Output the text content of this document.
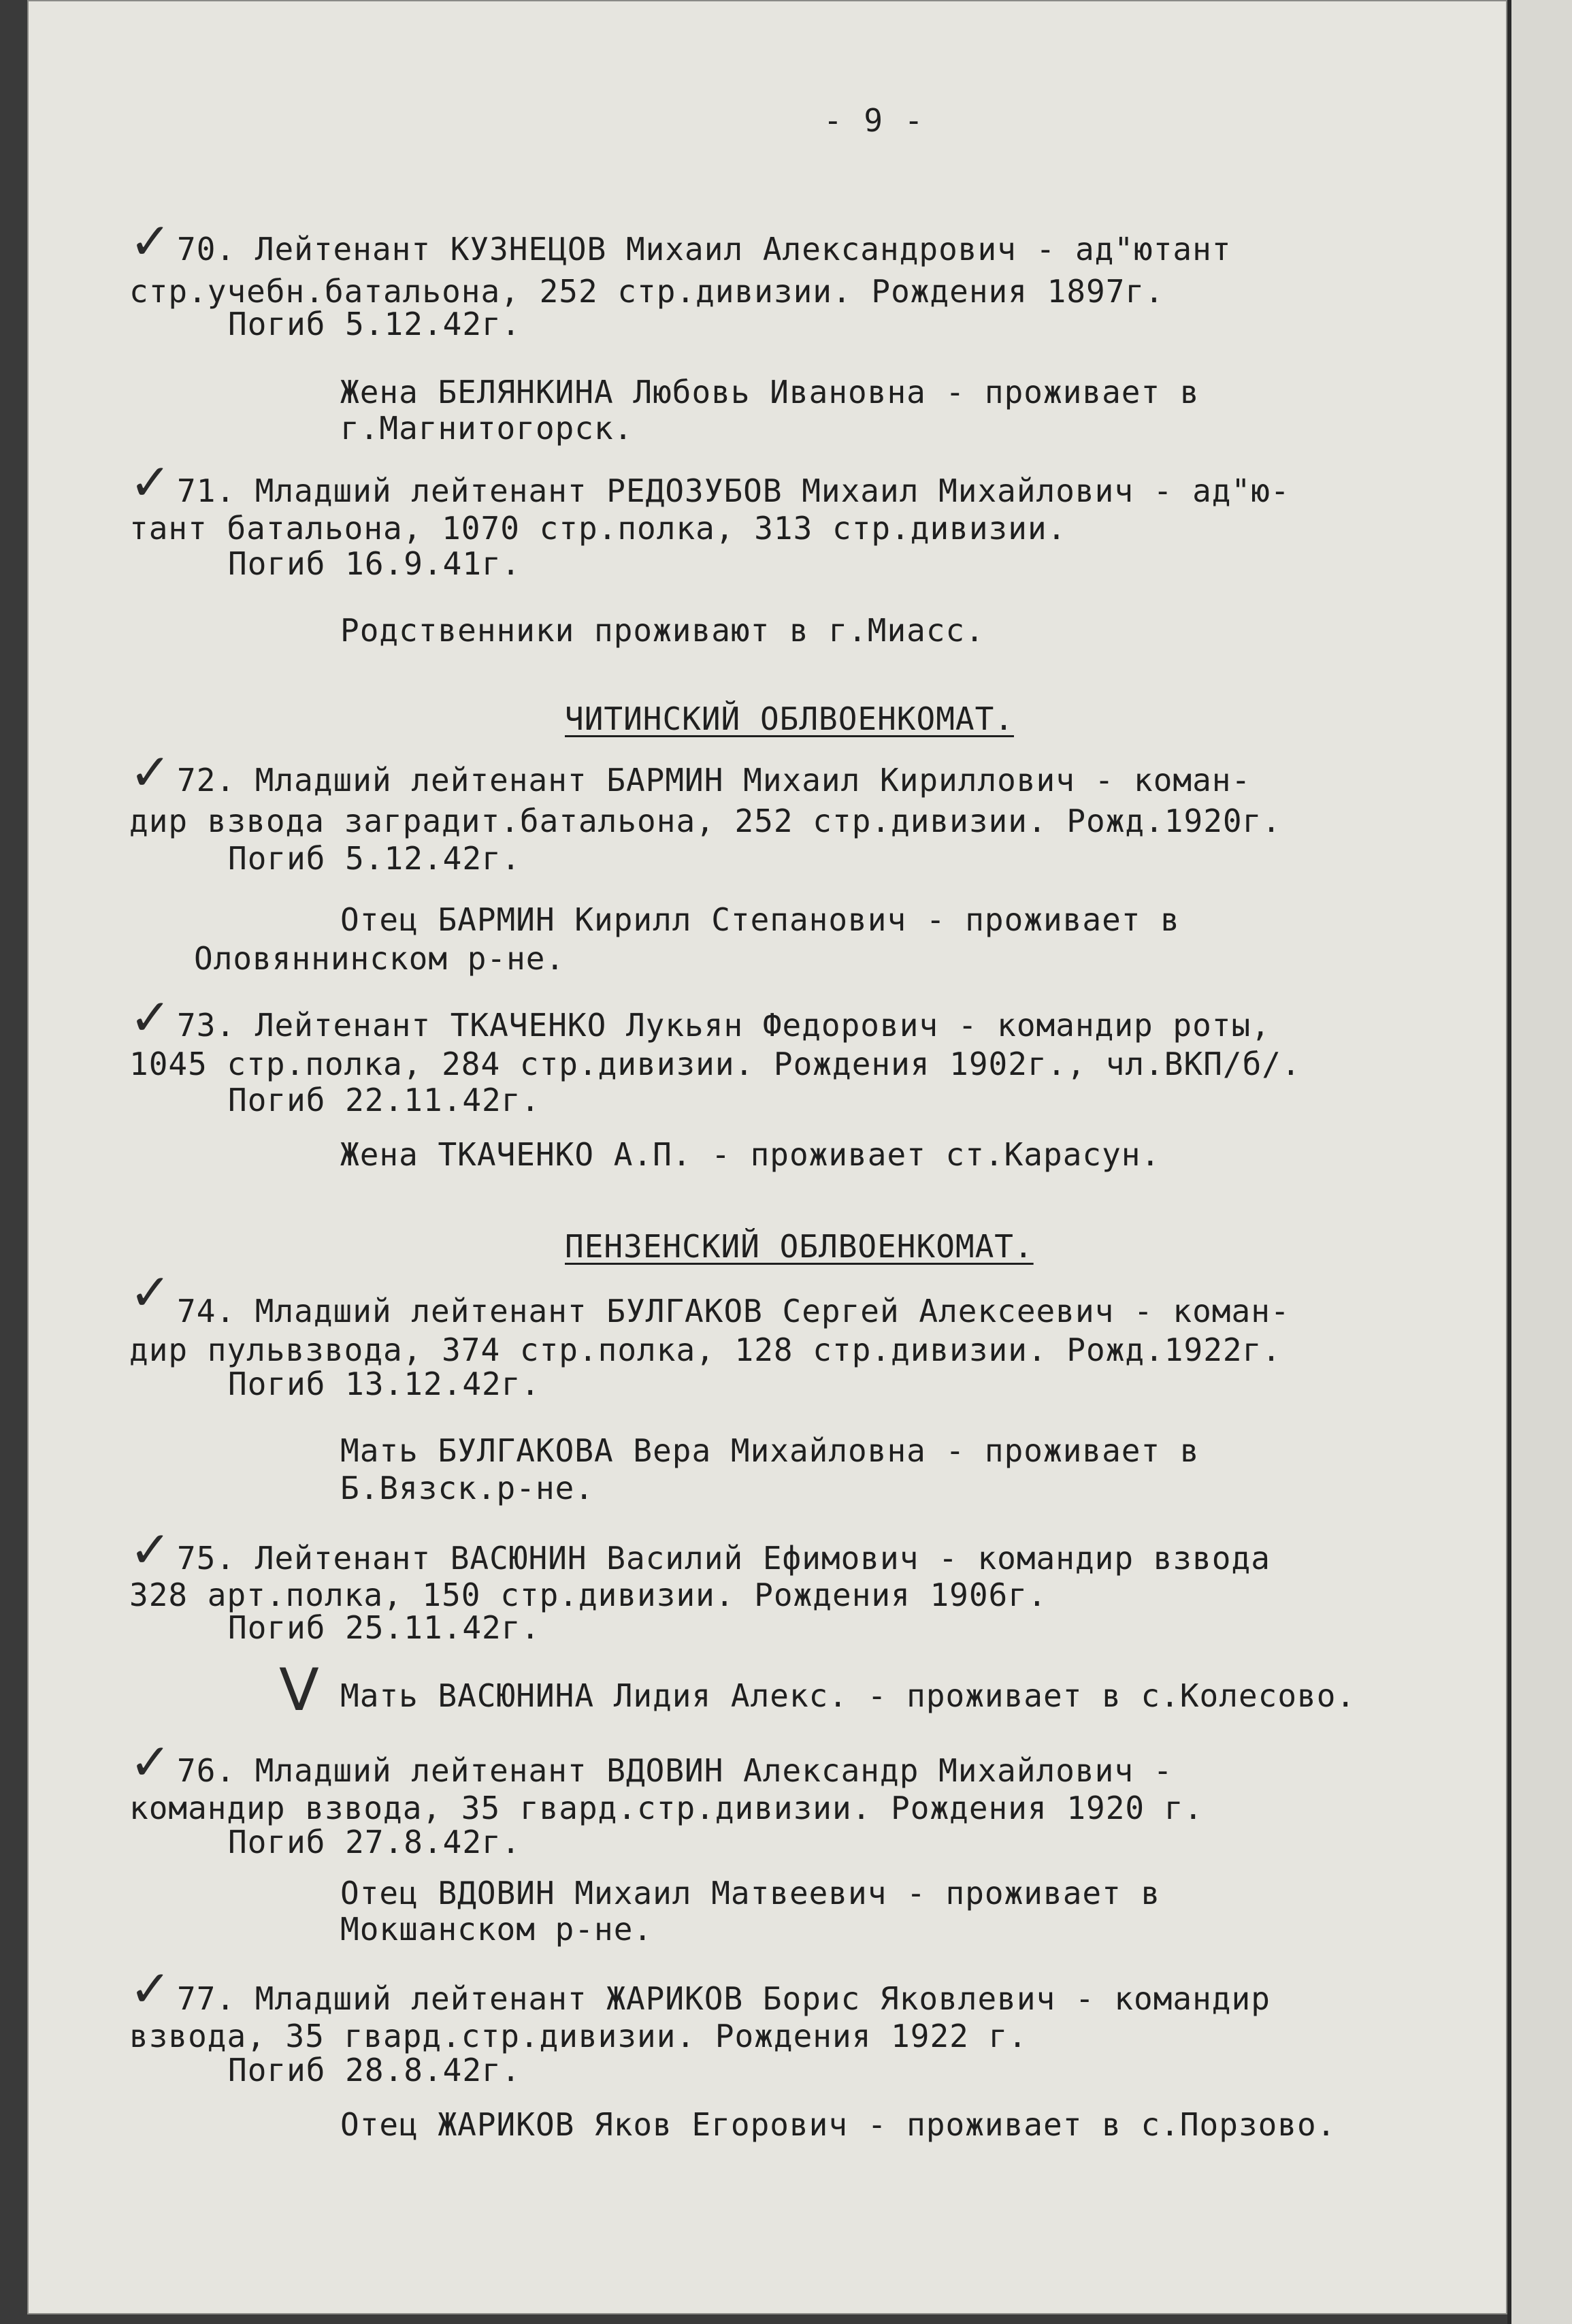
- 9 -
✓ 70. Лейтенант КУЗНЕЦОВ Михаил Александрович - ад"ютант
стр.учебн.батальона, 252 стр.дивизии. Рождения 1897г.
Погиб 5.12.42г.
Жена БЕЛЯНКИНА Любовь Ивановна - проживает в
г.Магнитогорск.
✓ 71. Младший лейтенант РЕДОЗУБОВ Михаил Михайлович - ад"ю-
тант батальона, 1070 стр.полка, 313 стр.дивизии.
Погиб 16.9.41г.
Родственники проживают в г.Миасс.
ЧИТИНСКИЙ ОБЛВОЕНКОМАТ.
✓ 72. Младший лейтенант БАРМИН Михаил Кириллович - коман-
дир взвода заградит.батальона, 252 стр.дивизии. Рожд.1920г.
Погиб 5.12.42г.
Отец БАРМИН Кирилл Степанович - проживает в
Оловяннинском р-не.
✓ 73. Лейтенант ТКАЧЕНКО Лукьян Федорович - командир роты,
1045 стр.полка, 284 стр.дивизии. Рождения 1902г., чл.ВКП/б/.
Погиб 22.11.42г.
Жена ТКАЧЕНКО А.П. - проживает ст.Карасун.
ПЕНЗЕНСКИЙ ОБЛВОЕНКОМАТ.
✓ 74. Младший лейтенант БУЛГАКОВ Сергей Алексеевич - коман-
дир пульвзвода, 374 стр.полка, 128 стр.дивизии. Рожд.1922г.
Погиб 13.12.42г.
Мать БУЛГАКОВА Вера Михайловна - проживает в
Б.Вязск.р-не.
✓ 75. Лейтенант ВАСЮНИН Василий Ефимович - командир взвода
328 арт.полка, 150 стр.дивизии. Рождения 1906г.
Погиб 25.11.42г.
V Мать ВАСЮНИНА Лидия Алекс. - проживает в с.Колесово.
✓ 76. Младший лейтенант ВДОВИН Александр Михайлович -
командир взвода, 35 гвард.стр.дивизии. Рождения 1920 г.
Погиб 27.8.42г.
Отец ВДОВИН Михаил Матвеевич - проживает в
Мокшанском р-не.
✓ 77. Младший лейтенант ЖАРИКОВ Борис Яковлевич - командир
взвода, 35 гвард.стр.дивизии. Рождения 1922 г.
Погиб 28.8.42г.
Отец ЖАРИКОВ Яков Егорович - проживает в с.Порзово.
